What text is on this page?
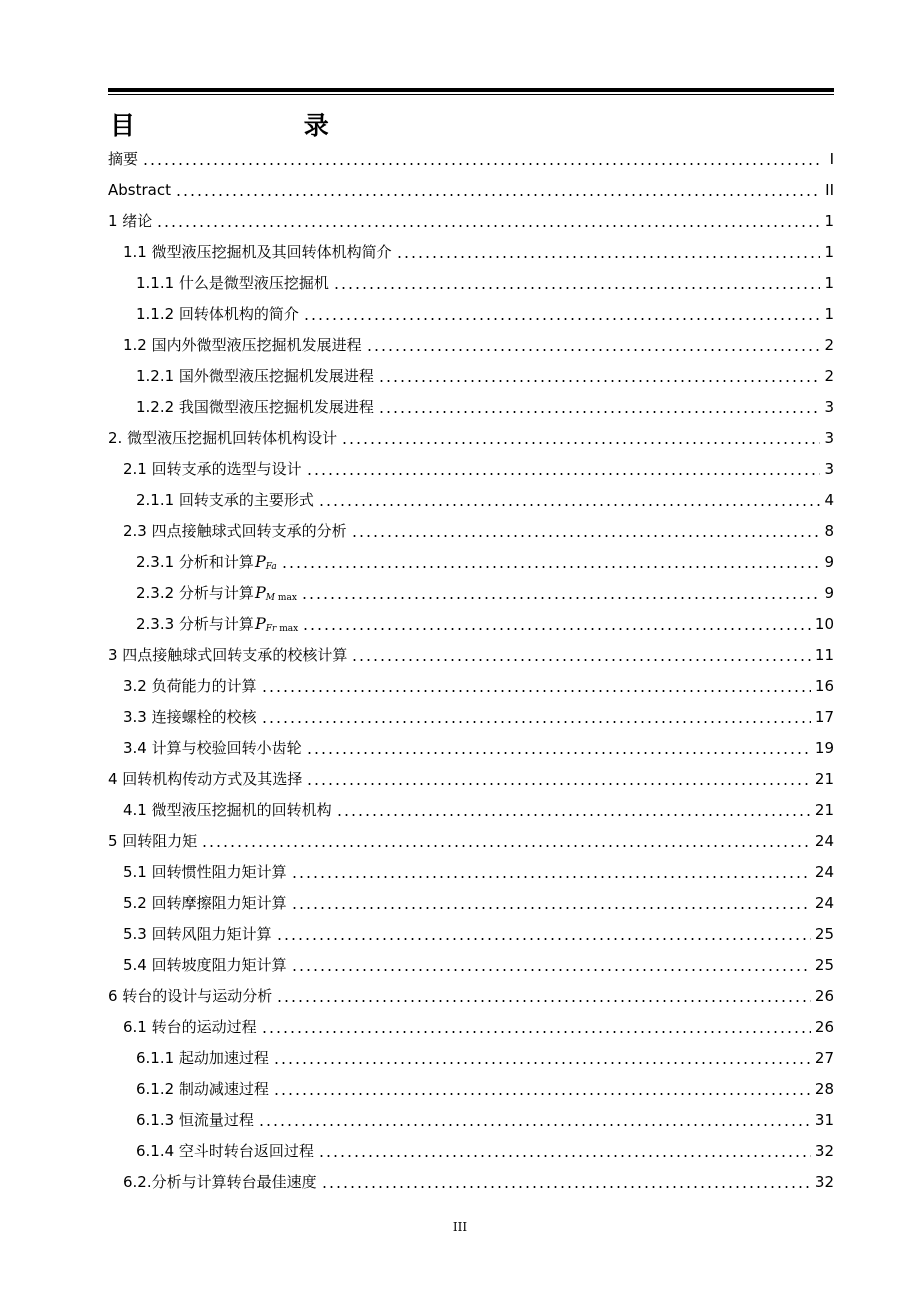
目 录
摘要	I
Abstract	II
1 绪论	1
1.1 微型液压挖掘机及其回转体机构简介	1
1.1.1 什么是微型液压挖掘机	1
1.1.2 回转体机构的简介	1
1.2 国内外微型液压挖掘机发展进程	2
1.2.1 国外微型液压挖掘机发展进程	2
1.2.2 我国微型液压挖掘机发展进程	3
2. 微型液压挖掘机回转体机构设计	3
2.1 回转支承的选型与设计	3
2.1.1 回转支承的主要形式	4
2.3 四点接触球式回转支承的分析	8
2.3.1 分析和计算$P_{Fa}$	9
2.3.2 分析与计算$P_M$ max	9
2.3.3 分析与计算$P_{Fr}$ max	10
3 四点接触球式回转支承的校核计算	11
3.2 负荷能力的计算	16
3.3 连接螺栓的校核	17
3.4 计算与校验回转小齿轮	19
4 回转机构传动方式及其选择	21
4.1 微型液压挖掘机的回转机构	21
5 回转阻力矩	24
5.1 回转惯性阻力矩计算	24
5.2 回转摩擦阻力矩计算	24
5.3 回转风阻力矩计算	25
5.4 回转坡度阻力矩计算	25
6 转台的设计与运动分析	26
6.1 转台的运动过程	26
6.1.1 起动加速过程	27
6.1.2 制动减速过程	28
6.1.3 恒流量过程	31
6.1.4 空斗时转台返回过程	32
6.2.分析与计算转台最佳速度	32
III
